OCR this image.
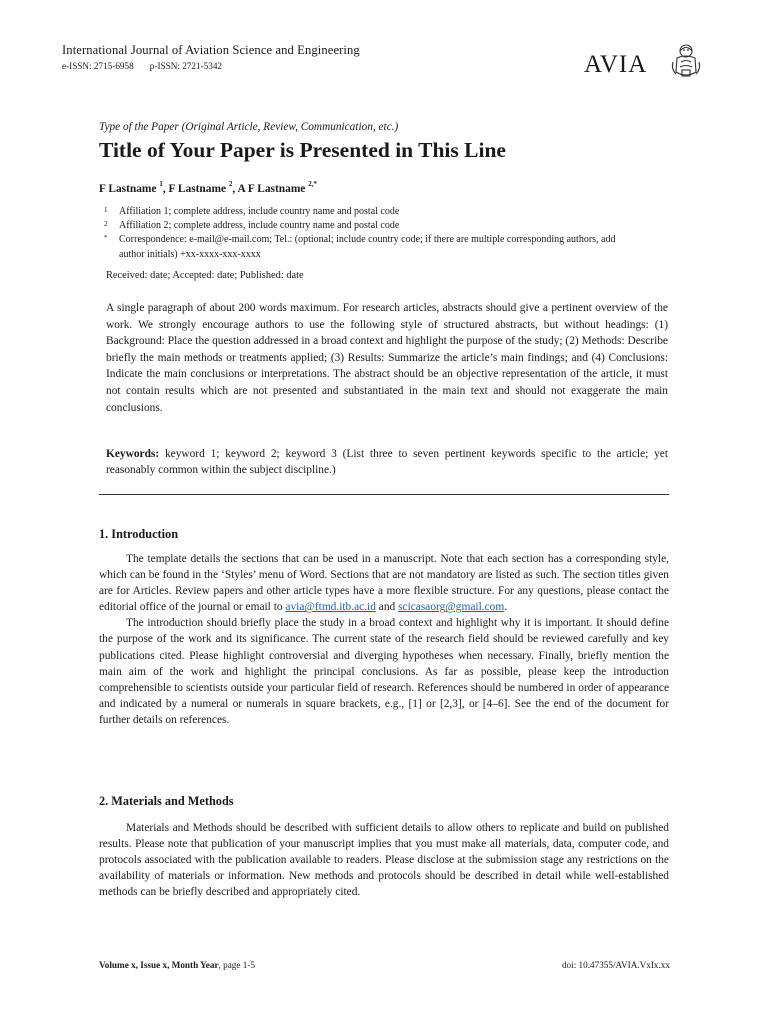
International Journal of Aviation Science and Engineering
e-ISSN: 2715-6958 p-ISSN: 2721-5342	AVIA
Type of the Paper (Original Article, Review, Communication, etc.)
Title of Your Paper is Presented in This Line
F Lastname $^1$, F Lastname $^2$, A F Lastname $^{2,*}$
1	Affiliation 1; complete address, include country name and postal code
2	Affiliation 2; complete address, include country name and postal code
*	Correspondence: e-mail@e-mail.com; Tel.: (optional; include country code; if there are multiple corresponding authors, add author initials) +xx-xxxx-xxx-xxxx
Received: date; Accepted: date; Published: date
A single paragraph of about 200 words maximum. For research articles, abstracts should give a pertinent overview of the work. We strongly encourage authors to use the following style of structured abstracts, but without headings: (1) Background: Place the question addressed in a broad context and highlight the purpose of the study; (2) Methods: Describe briefly the main methods or treatments applied; (3) Results: Summarize the article’s main findings; and (4) Conclusions: Indicate the main conclusions or interpretations. The abstract should be an objective representation of the article, it must not contain results which are not presented and substantiated in the main text and should not exaggerate the main conclusions.
Keywords: keyword 1; keyword 2; keyword 3 (List three to seven pertinent keywords specific to the article; yet reasonably common within the subject discipline.)
1. Introduction

The template details the sections that can be used in a manuscript. Note that each section has a corresponding style, which can be found in the ‘Styles’ menu of Word. Sections that are not mandatory are listed as such. The section titles given are for Articles. Review papers and other article types have a more flexible structure. For any questions, please contact the editorial office of the journal or email to avia@ftmd.itb.ac.id and scicasaorg@gmail.com.

The introduction should briefly place the study in a broad context and highlight why it is important. It should define the purpose of the work and its significance. The current state of the research field should be reviewed carefully and key publications cited. Please highlight controversial and diverging hypotheses when necessary. Finally, briefly mention the main aim of the work and highlight the principal conclusions. As far as possible, please keep the introduction comprehensible to scientists outside your particular field of research. References should be numbered in order of appearance and indicated by a numeral or numerals in square brackets, e.g., [1] or [2,3], or [4–6]. See the end of the document for further details on references.

2. Materials and Methods

Materials and Methods should be described with sufficient details to allow others to replicate and build on published results. Please note that publication of your manuscript implies that you must make all materials, data, computer code, and protocols associated with the publication available to readers. Please disclose at the submission stage any restrictions on the availability of materials or information. New methods and protocols should be described in detail while well-established methods can be briefly described and appropriately cited.

Volume x, Issue x, Month Year, page 1-5	doi: 10.47355/AVIA.VxIx.xx
